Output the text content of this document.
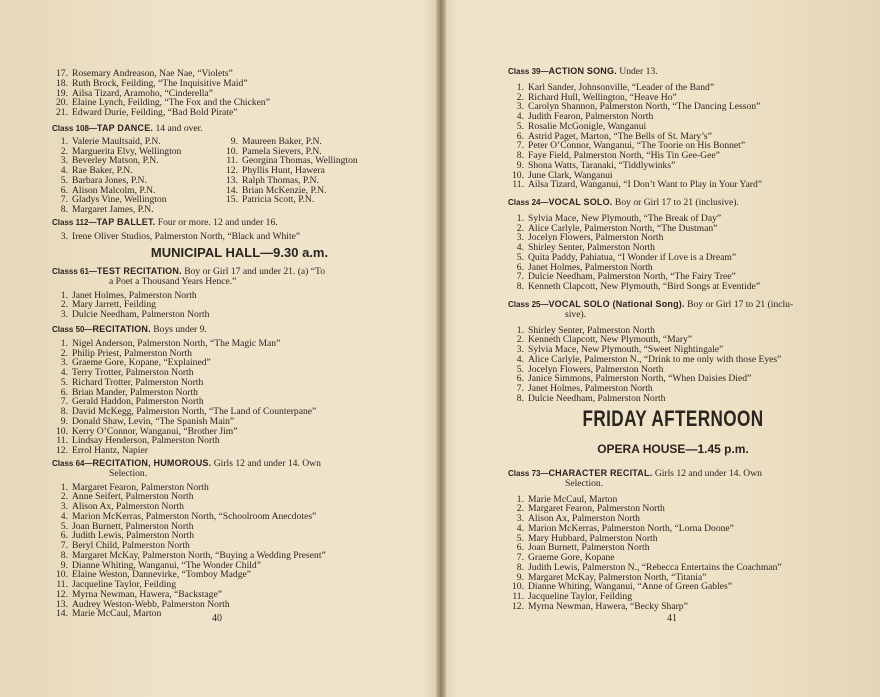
17. Rosemary Andreason, Nae Nae, “Violets”
18. Ruth Brock, Feilding, “The Inquisitive Maid”
19. Ailsa Tizard, Aramoho, “Cinderella”
20. Elaine Lynch, Feilding, “The Fox and the Chicken”
21. Edward Durie, Feilding, “Bad Bold Pirate”
Class 108—TAP DANCE. 14 and over.
1. Valerie Maultsaid, P.N.
2. Marguerita Elvy, Wellington
3. Beverley Matson, P.N.
4. Rae Baker, P.N.
5. Barbara Jones, P.N.
6. Alison Malcolm, P.N.
7. Gladys Vine, Wellington
8. Margaret James, P.N.
9. Maureen Baker, P.N.
10. Pamela Sievers, P.N.
11. Georgina Thomas, Wellington
12. Phyllis Hunt, Hawera
13. Ralph Thomas, P.N.
14. Brian McKenzie, P.N.
15. Patricia Scott, P.N.
Class 112—TAP BALLET. Four or more. 12 and under 16.
3. Irene Oliver Studios, Palmerston North, “Black and White”
MUNICIPAL HALL—9.30 a.m.
Classs 61—TEST RECITATION. Boy or Girl 17 and under 21. (a) “To
a Poet a Thousand Years Hence.”
1. Janet Holmes, Palmerston North
2. Mary Jarrett, Feilding
3. Dulcie Needham, Palmerston North
Class 50—RECITATION. Boys under 9.
1. Nigel Anderson, Palmerston North, “The Magic Man”
2. Philip Priest, Palmerston North
3. Graeme Gore, Kopane, “Explained”
4. Terry Trotter, Palmerston North
5. Richard Trotter, Palmerston North
6. Brian Mander, Palmerston North
7. Gerald Haddon, Palmerston North
8. David McKegg, Palmerston North, “The Land of Counterpane”
9. Donald Shaw, Levin, “The Spanish Main”
10. Kerry O’Connor, Wanganui, “Brother Jim”
11. Lindsay Henderson, Palmerston North
12. Errol Hantz, Napier
Class 64—RECITATION, HUMOROUS. Girls 12 and under 14. Own
Selection.
1. Margaret Fearon, Palmerston North
2. Anne Seifert, Palmerston North
3. Alison Ax, Palmerston North
4. Marion McKerras, Palmerston North, “Schoolroom Anecdotes”
5. Joan Burnett, Palmerston North
6. Judith Lewis, Palmerston North
7. Beryl Child, Palmerston North
8. Margaret McKay, Palmerston North, “Buying a Wedding Present”
9. Dianne Whiting, Wanganui, “The Wonder Child”
10. Elaine Weston, Dannevirke, “Tomboy Madge”
11. Jacqueline Taylor, Feilding
12. Myrna Newman, Hawera, “Backstage”
13. Audrey Weston-Webb, Palmerston North
14. Marie McCaul, Marton	40
Class 39—ACTION SONG. Under 13.
1. Karl Sander, Johnsonville, “Leader of the Band”
2. Richard Hull, Wellington, “Heave Ho”
3. Carolyn Shannon, Palmerston North, “The Dancing Lesson”
4. Judith Fearon, Palmerston North
5. Rosalie McGonigle, Wanganui
6. Astrid Paget, Marton, “The Bells of St. Mary’s”
7. Peter O’Connor, Wanganui, “The Toorie on His Bonnet”
8. Faye Field, Palmerston North, “His Tin Gee-Gee”
9. Shona Watts, Taranaki, “Tiddlywinks”
10. June Clark, Wanganui
11. Ailsa Tizard, Wanganui, “I Don’t Want to Play in Your Yard”
Class 24—VOCAL SOLO. Boy or Girl 17 to 21 (inclusive).
1. Sylvia Mace, New Plymouth, “The Break of Day”
2. Alice Carlyle, Palmerston North, “The Dustman”
3. Jocelyn Flowers, Palmerston North
4. Shirley Senter, Palmerston North
5. Quita Paddy, Pahiatua, “I Wonder if Love is a Dream”
6. Janet Holmes, Palmerston North
7. Dulcie Needham, Palmerston North, “The Fairy Tree”
8. Kenneth Clapcott, New Plymouth, “Bird Songs at Eventide”
Class 25—VOCAL SOLO (National Song). Boy or Girl 17 to 21 (inclu-
sive).
1. Shirley Senter, Palmerston North
2. Kenneth Clapcott, New Plymouth, “Mary”
3. Sylvia Mace, New Plymouth, “Sweet Nightingale”
4. Alice Carlyle, Palmerston N., “Drink to me only with those Eyes”
5. Jocelyn Flowers, Palmerston North
6. Janice Simmons, Palmerston North, “When Daisies Died”
7. Janet Holmes, Palmerston North
8. Dulcie Needham, Palmerston North
FRIDAY AFTERNOON
OPERA HOUSE—1.45 p.m.
Class 73—CHARACTER RECITAL. Girls 12 and under 14. Own
Selection.
1. Marie McCaul, Marton
2. Margaret Fearon, Palmerston North
3. Alison Ax, Palmerston North
4. Marion McKerras, Palmerston North, “Lorna Doone”
5. Mary Hubbard, Palmerston North
6. Joan Burnett, Palmerston North
7. Graeme Gore, Kopane
8. Judith Lewis, Palmerston N., “Rebecca Entertains the Coachman”
9. Margaret McKay, Palmerston North, “Titania”
10. Dianne Whiting, Wanganui, “Anne of Green Gables”
11. Jacqueline Taylor, Feilding
12. Myrna Newman, Hawera, “Becky Sharp”
41
